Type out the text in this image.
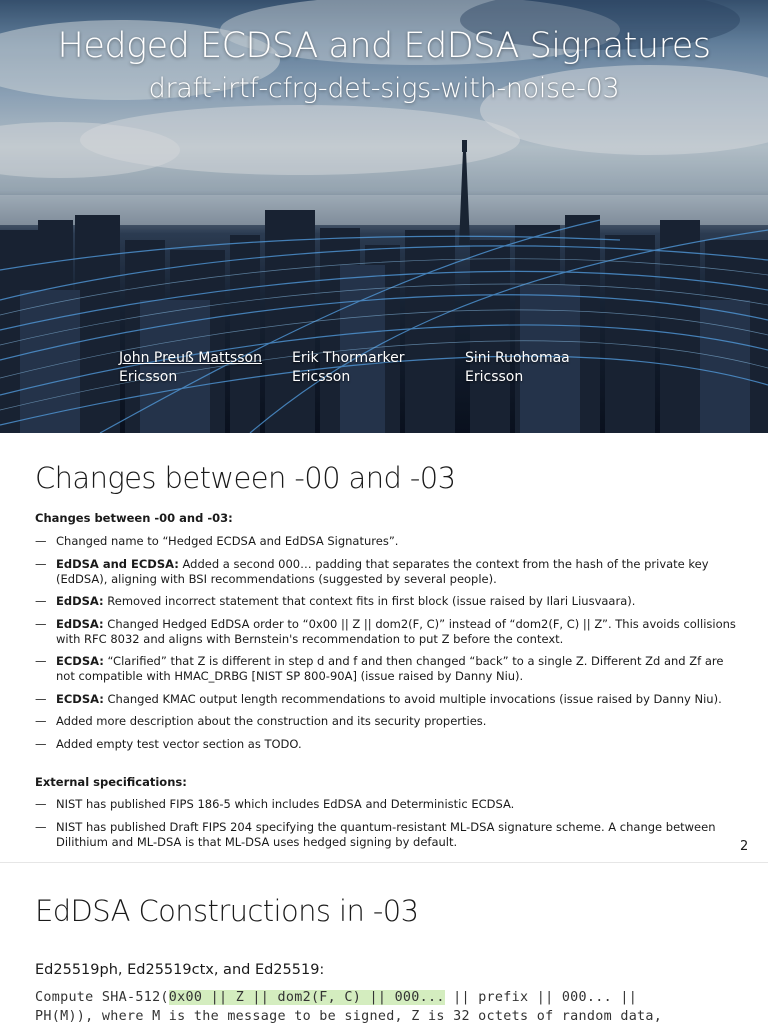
Hedged ECDSA and EdDSA Signatures
draft-irtf-cfrg-det-sigs-with-noise-03
John Preuß Mattsson
Ericsson
Erik Thormarker
Ericsson
Sini Ruohomaa
Ericsson
Changes between -00 and -03
Changes between -00 and -03:
— Changed name to “Hedged ECDSA and EdDSA Signatures”.
— EdDSA and ECDSA: Added a second 000… padding that separates the context from the hash of the private key (EdDSA), aligning with BSI recommendations (suggested by several people).
— EdDSA: Removed incorrect statement that context fits in first block (issue raised by Ilari Liusvaara).
— EdDSA: Changed Hedged EdDSA order to “0x00 || Z || dom2(F, C)” instead of “dom2(F, C) || Z”. This avoids collisions with RFC 8032 and aligns with Bernstein's recommendation to put Z before the context.
— ECDSA: “Clarified” that Z is different in step d and f and then changed “back” to a single Z. Different Zd and Zf are not compatible with HMAC_DRBG [NIST SP 800-90A] (issue raised by Danny Niu).
— ECDSA: Changed KMAC output length recommendations to avoid multiple invocations (issue raised by Danny Niu).
— Added more description about the construction and its security properties.
— Added empty test vector section as TODO.
External specifications:
— NIST has published FIPS 186-5 which includes EdDSA and Deterministic ECDSA.
— NIST has published Draft FIPS 204 specifying the quantum-resistant ML-DSA signature scheme. A change between Dilithium and ML-DSA is that ML-DSA uses hedged signing by default.	2
EdDSA Constructions in -03
Ed25519ph, Ed25519ctx, and Ed25519:
Compute SHA-512(0x00 || Z || dom2(F, C) || 000... || prefix || 000... ||
PH(M)), where M is the message to be signed, Z is 32 octets of random data,
